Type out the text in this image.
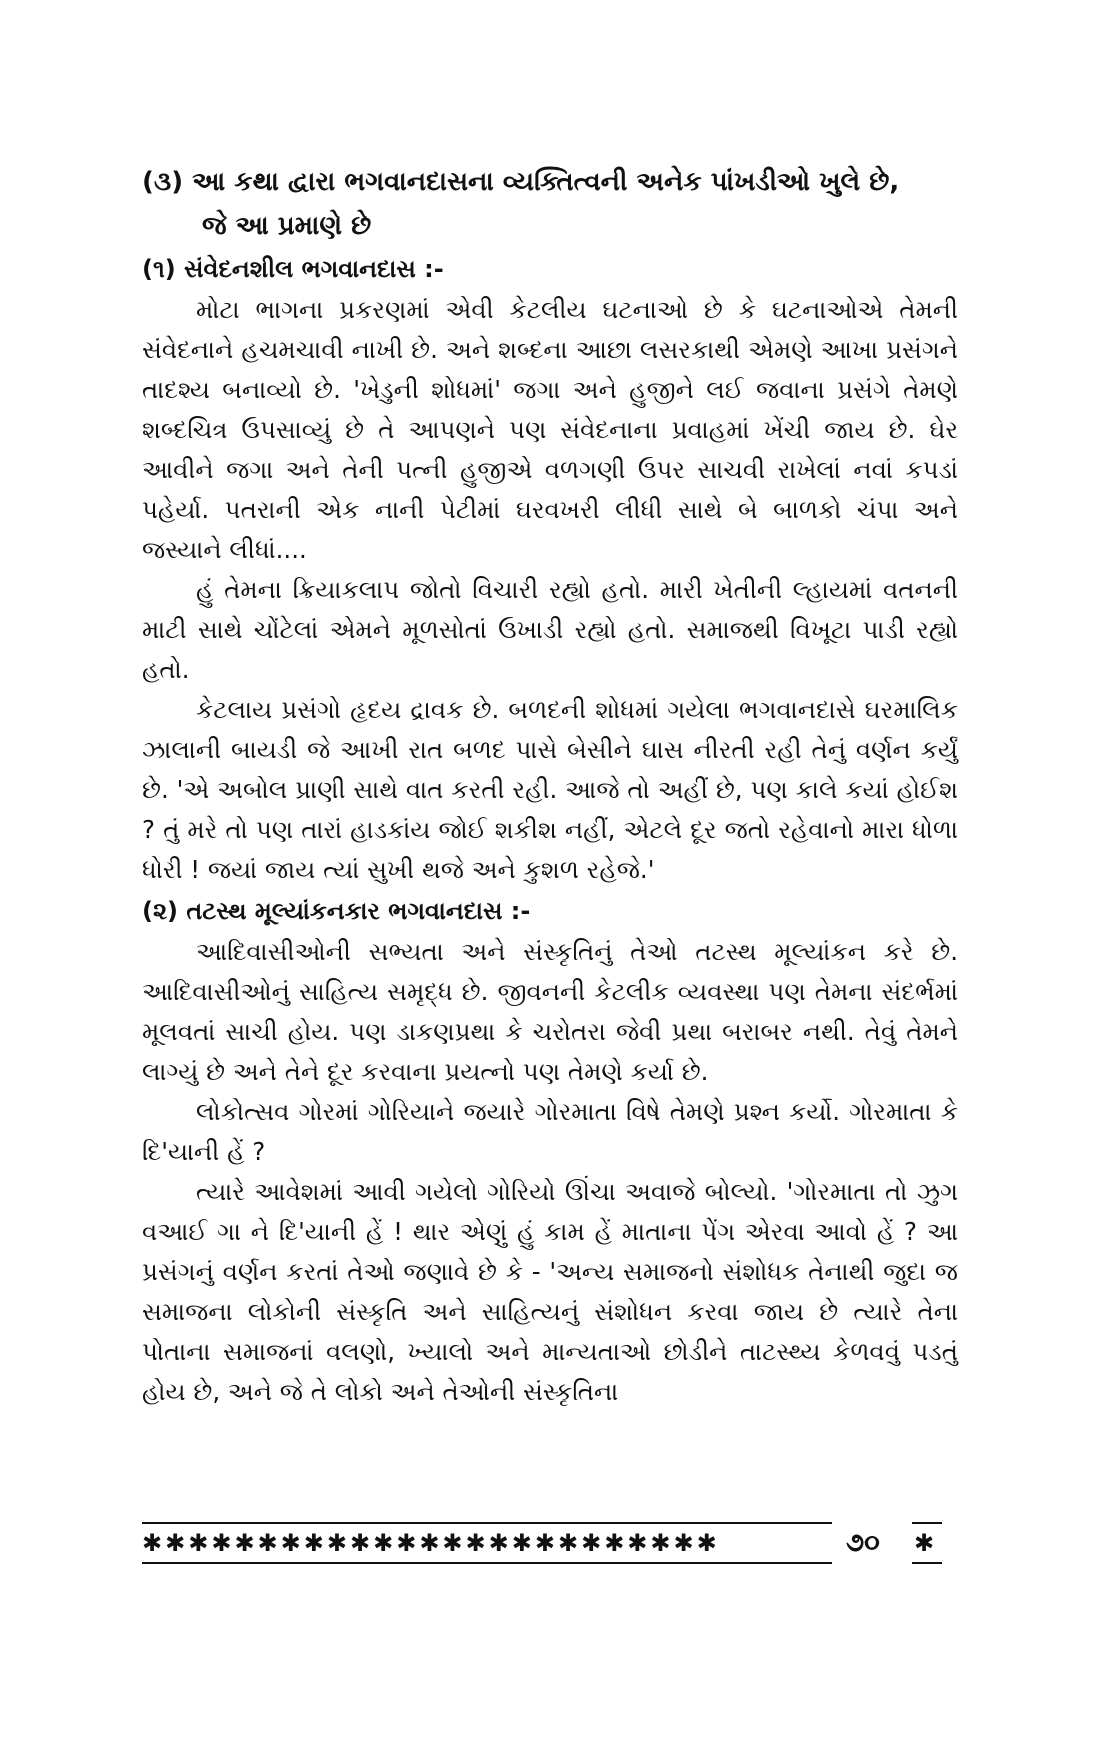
(૩) આ કથા દ્વારા ભગવાનદાસના વ્યક્તિત્વની અનેક પાંખડીઓ ખુલે છે,
જે આ પ્રમાણે છે
(૧) સંવેદનશીલ ભગવાનદાસ :-

મોટા ભાગના પ્રકરણમાં એવી કેટલીય ઘટનાઓ છે કે ઘટનાઓએ તેમની સંવેદનાને હચમચાવી નાખી છે. અને શબ્દના આછા લસરકાથી એમણે આખા પ્રસંગને તાદશ્ય બનાવ્યો છે. 'ખેડુની શોધમાં' જગા અને હુજીને લઈ જવાના પ્રસંગે તેમણે શબ્દચિત્ર ઉપસાવ્યું છે તે આપણને પણ સંવેદનાના પ્રવાહમાં ખેંચી જાય છે. ઘેર આવીને જગા અને તેની પત્ની હુજીએ વળગણી ઉપર સાચવી રાખેલાં નવાં કપડાં પહેર્યા. પતરાની એક નાની પેટીમાં ઘરવખરી લીધી સાથે બે બાળકો ચંપા અને જસ્યાને લીધાં....

હું તેમના ક્રિયાકલાપ જોતો વિચારી રહ્યો હતો. મારી ખેતીની લ્હાયમાં વતનની માટી સાથે ચોંટેલાં એમને મૂળસોતાં ઉખાડી રહ્યો હતો. સમાજથી વિખૂટા પાડી રહ્યો હતો.

કેટલાય પ્રસંગો હૃદય દ્રાવક છે. બળદની શોધમાં ગયેલા ભગવાનદાસે ઘરમાલિક ઝાલાની બાયડી જે આખી રાત બળદ પાસે બેસીને ઘાસ નીરતી રહી તેનું વર્ણન કર્યું છે. 'એ અબોલ પ્રાણી સાથે વાત કરતી રહી. આજે તો અહીં છે, પણ કાલે કયાં હોઈશ ? તું મરે તો પણ તારાં હાડકાંય જોઈ શકીશ નહીં, એટલે દૂર જતો રહેવાનો મારા ધોળા ધોરી ! જયાં જાય ત્યાં સુખી થજે અને કુશળ રહેજે.'

(૨) તટસ્થ મૂલ્યાંકનકાર ભગવાનદાસ :-

આદિવાસીઓની સભ્યતા અને સંસ્કૃતિનું તેઓ તટસ્થ મૂલ્યાંકન કરે છે. આદિવાસીઓનું સાહિત્ય સમૃદ્ધ છે. જીવનની કેટલીક વ્યવસ્થા પણ તેમના સંદર્ભમાં મૂલવતાં સાચી હોય. પણ ડાકણપ્રથા કે ચરોતરા જેવી પ્રથા બરાબર નથી. તેવું તેમને લાગ્યું છે અને તેને દૂર કરવાના પ્રયત્નો પણ તેમણે કર્યા છે.

લોકોત્સવ ગોરમાં ગોરિયાને જયારે ગોરમાતા વિષે તેમણે પ્રશ્ન કર્યો. ગોરમાતા કે દિ'યાની હેં ?

ત્યારે આવેશમાં આવી ગયેલો ગોરિયો ઊંચા અવાજે બોલ્યો. 'ગોરમાતા તો ઝુગ વઆઈ ગા ને દિ'યાની હેં ! થાર એણું હું કામ હેં માતાના પેંગ એરવા આવો હેં ? આ પ્રસંગનું વર્ણન કરતાં તેઓ જણાવે છે કે - 'અન્ય સમાજનો સંશોધક તેનાથી જુદા જ સમાજના લોકોની સંસ્કૃતિ અને સાહિત્યનું સંશોધન કરવા જાય છે ત્યારે તેના પોતાના સમાજનાં વલણો, ખ્યાલો અને માન્યતાઓ છોડીને તાટસ્થ્ય કેળવવું પડતું હોય છે, અને જે તે લોકો અને તેઓની સંસ્કૃતિના

✱✱✱✱✱✱✱✱✱✱✱✱✱✱✱✱✱✱✱✱✱✱✱✱✱	૭૦ ✱
